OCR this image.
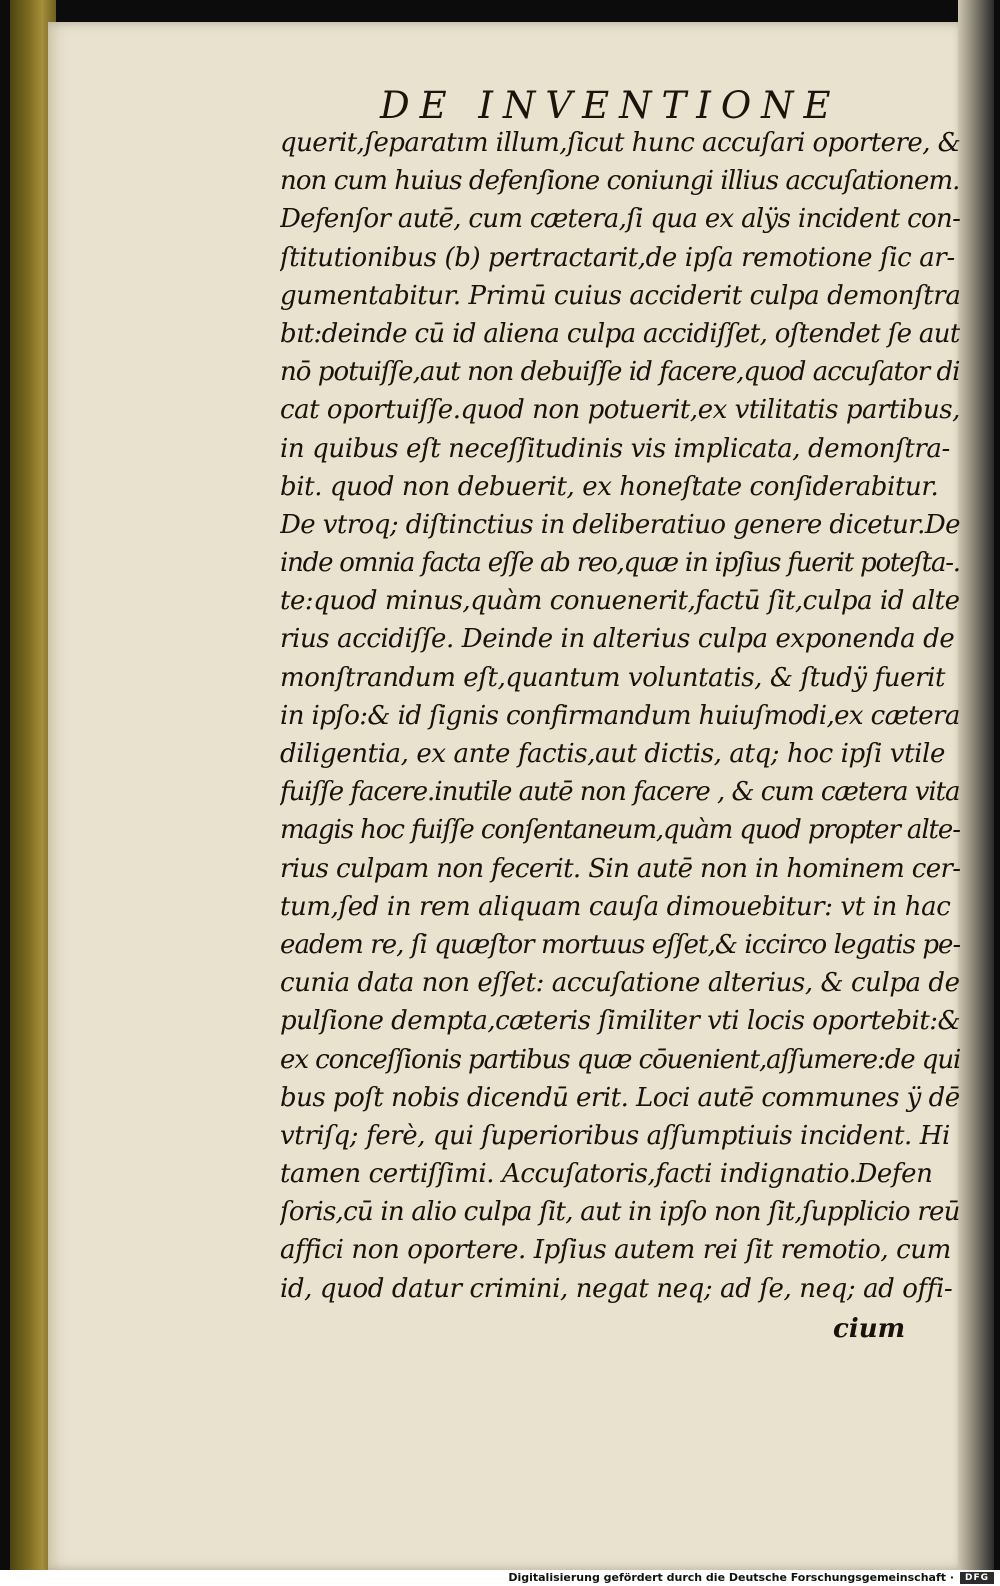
DE INVENTIONE
querit,ſeparatım illum,ſicut hunc accuſari oportere, &
non cum huius defenſione coniungi illius accuſationem.
Defenſor autē, cum cætera,ſi qua ex alÿs incident con-
ſtitutionibus (b) pertractarit,de ipſa remotione ſic ar-
gumentabitur. Primū cuius acciderit culpa demonſtra
bıt:deinde cū id aliena culpa accidiſſet, oſtendet ſe aut
nō potuiſſe,aut non debuiſſe id facere,quod accuſator di
cat oportuiſſe.quod non potuerit,ex vtilitatis partibus,
in quibus eſt neceſſitudinis vis implicata, demonſtra-
bit. quod non debuerit, ex honeſtate conſiderabitur.
De vtroq; diſtinctius in deliberatiuo genere dicetur.De
inde omnia facta eſſe ab reo,quæ in ipſius fuerit poteſta-.
te:quod minus,quàm conuenerit,factū ſit,culpa id alte
rius accidiſſe. Deinde in alterius culpa exponenda de
monſtrandum eſt,quantum voluntatis, & ſtudÿ fuerit
in ipſo:& id ſignis confirmandum huiuſmodi,ex cætera
diligentia, ex ante factis,aut dictis, atq; hoc ipſi vtile
fuiſſe facere.inutile autē non facere , & cum cætera vita
magis hoc fuiſſe conſentaneum,quàm quod propter alte-
rius culpam non fecerit. Sin autē non in hominem cer-
tum,ſed in rem aliquam cauſa dimouebitur: vt in hac
eadem re, ſi quæſtor mortuus eſſet,& iccirco legatis pe-
cunia data non eſſet: accuſatione alterius, & culpa de
pulſione dempta,cæteris ſimiliter vti locis oportebit:&
ex conceſſionis partibus quæ cōuenient,aſſumere:de qui
bus poſt nobis dicendū erit. Loci autē communes ÿ dē
vtriſq; ferè, qui ſuperioribus aſſumptiuis incident. Hi
tamen certiſſimi. Accuſatoris,facti indignatio.Defen
ſoris,cū in alio culpa ſit, aut in ipſo non ſit,ſupplicio reū
affici non oportere. Ipſius autem rei ſit remotio, cum
id, quod datur crimini, negat neq; ad ſe, neq; ad offi-
cium
Digitalisierung gefördert durch die Deutsche Forschungsgemeinschaft ·	DFG
